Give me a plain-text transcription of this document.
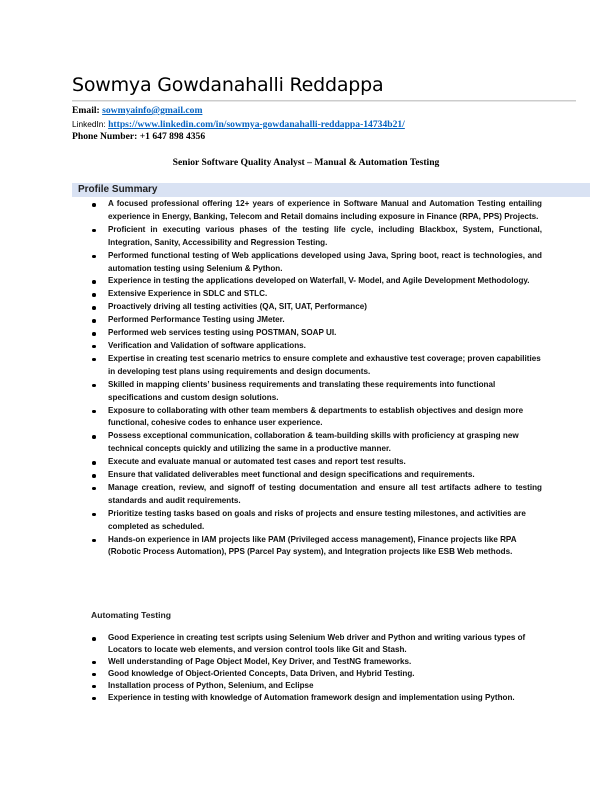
Sowmya Gowdanahalli Reddappa
Email: sowmyainfo@gmail.com
LinkedIn: https://www.linkedin.com/in/sowmya-gowdanahalli-reddappa-14734b21/
Phone Number: +1 647 898 4356
Senior Software Quality Analyst – Manual & Automation Testing
Profile Summary
A focused professional offering 12+ years of experience in Software Manual and Automation Testing entailing experience in Energy, Banking, Telecom and Retail domains including exposure in Finance (RPA, PPS) Projects.
Proficient in executing various phases of the testing life cycle, including Blackbox, System, Functional, Integration, Sanity, Accessibility and Regression Testing.
Performed functional testing of Web applications developed using Java, Spring boot, react is technologies, and automation testing using Selenium & Python.
Experience in testing the applications developed on Waterfall, V- Model, and Agile Development Methodology.
Extensive Experience in SDLC and STLC.
Proactively driving all testing activities (QA, SIT, UAT, Performance)
Performed Performance Testing using JMeter.
Performed web services testing using POSTMAN, SOAP UI.
Verification and Validation of software applications.
Expertise in creating test scenario metrics to ensure complete and exhaustive test coverage; proven capabilities in developing test plans using requirements and design documents.
Skilled in mapping clients’ business requirements and translating these requirements into functional specifications and custom design solutions.
Exposure to collaborating with other team members & departments to establish objectives and design more functional, cohesive codes to enhance user experience.
Possess exceptional communication, collaboration & team-building skills with proficiency at grasping new technical concepts quickly and utilizing the same in a productive manner.
Execute and evaluate manual or automated test cases and report test results.
Ensure that validated deliverables meet functional and design specifications and requirements.
Manage creation, review, and signoff of testing documentation and ensure all test artifacts adhere to testing standards and audit requirements.
Prioritize testing tasks based on goals and risks of projects and ensure testing milestones, and activities are completed as scheduled.
Hands-on experience in IAM projects like PAM (Privileged access management), Finance projects like RPA (Robotic Process Automation), PPS (Parcel Pay system), and Integration projects like ESB Web methods.
Automating Testing
Good Experience in creating test scripts using Selenium Web driver and Python and writing various types of Locators to locate web elements, and version control tools like Git and Stash.
Well understanding of Page Object Model, Key Driver, and TestNG frameworks.
Good knowledge of Object-Oriented Concepts, Data Driven, and Hybrid Testing.
Installation process of Python, Selenium, and Eclipse
Experience in testing with knowledge of Automation framework design and implementation using Python.
